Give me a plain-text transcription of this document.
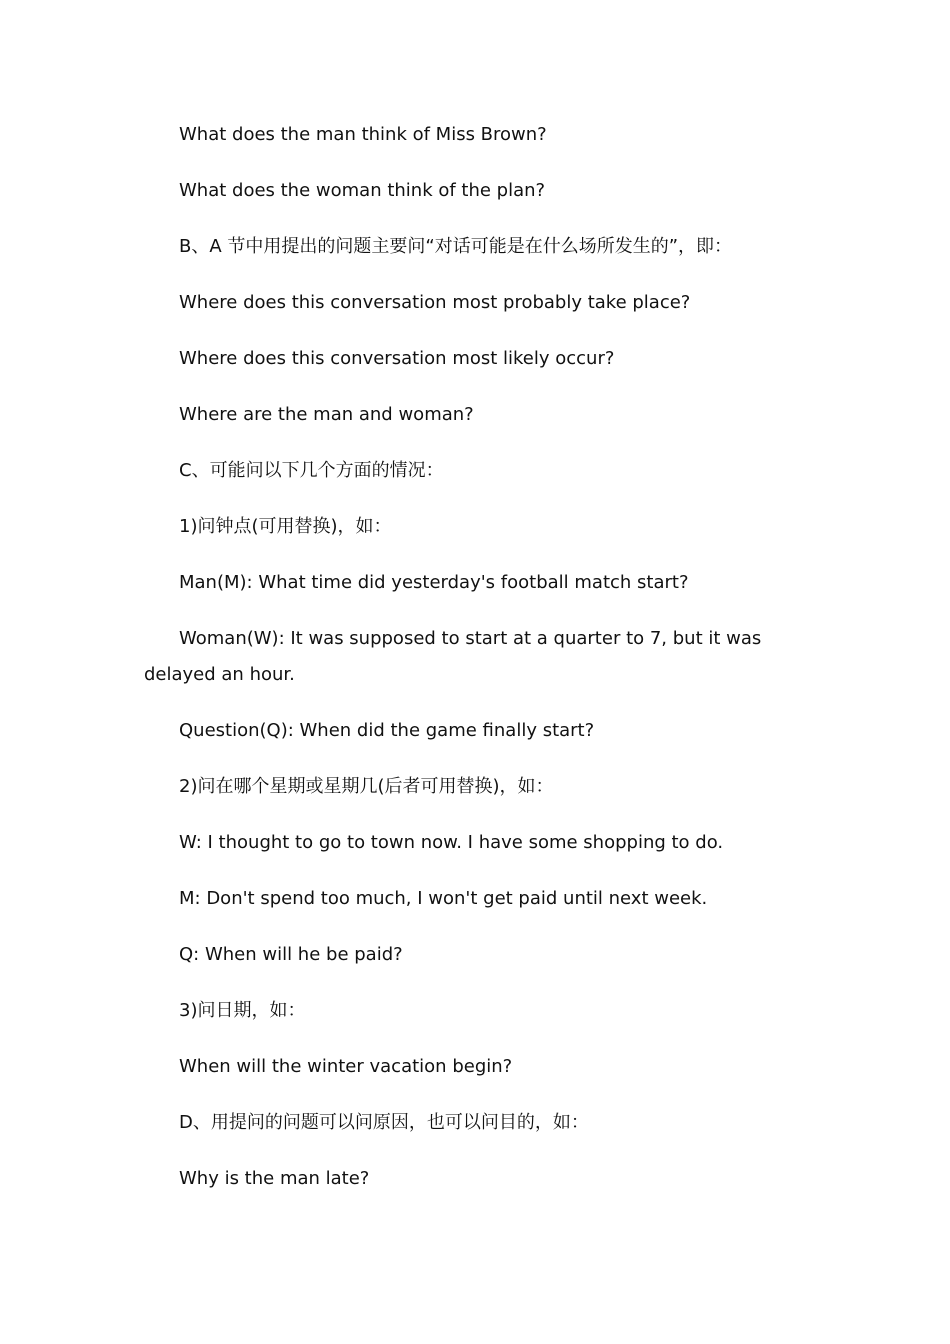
What does the man think of Miss Brown?

What does the woman think of the plan?

B、A 节中用提出的问题主要问“对话可能是在什么场所发生的”，即：

Where does this conversation most probably take place?

Where does this conversation most likely occur?

Where are the man and woman?

C、可能问以下几个方面的情况：

1)问钟点(可用替换)，如：

Man(M): What time did yesterday's football match start?

Woman(W): It was supposed to start at a quarter to 7, but it was delayed an hour.

Question(Q): When did the game finally start?

2)问在哪个星期或星期几(后者可用替换)，如：

W: I thought to go to town now. I have some shopping to do.

M: Don't spend too much, I won't get paid until next week.

Q: When will he be paid?

3)问日期，如：

When will the winter vacation begin?

D、用提问的问题可以问原因，也可以问目的，如：

Why is the man late?
